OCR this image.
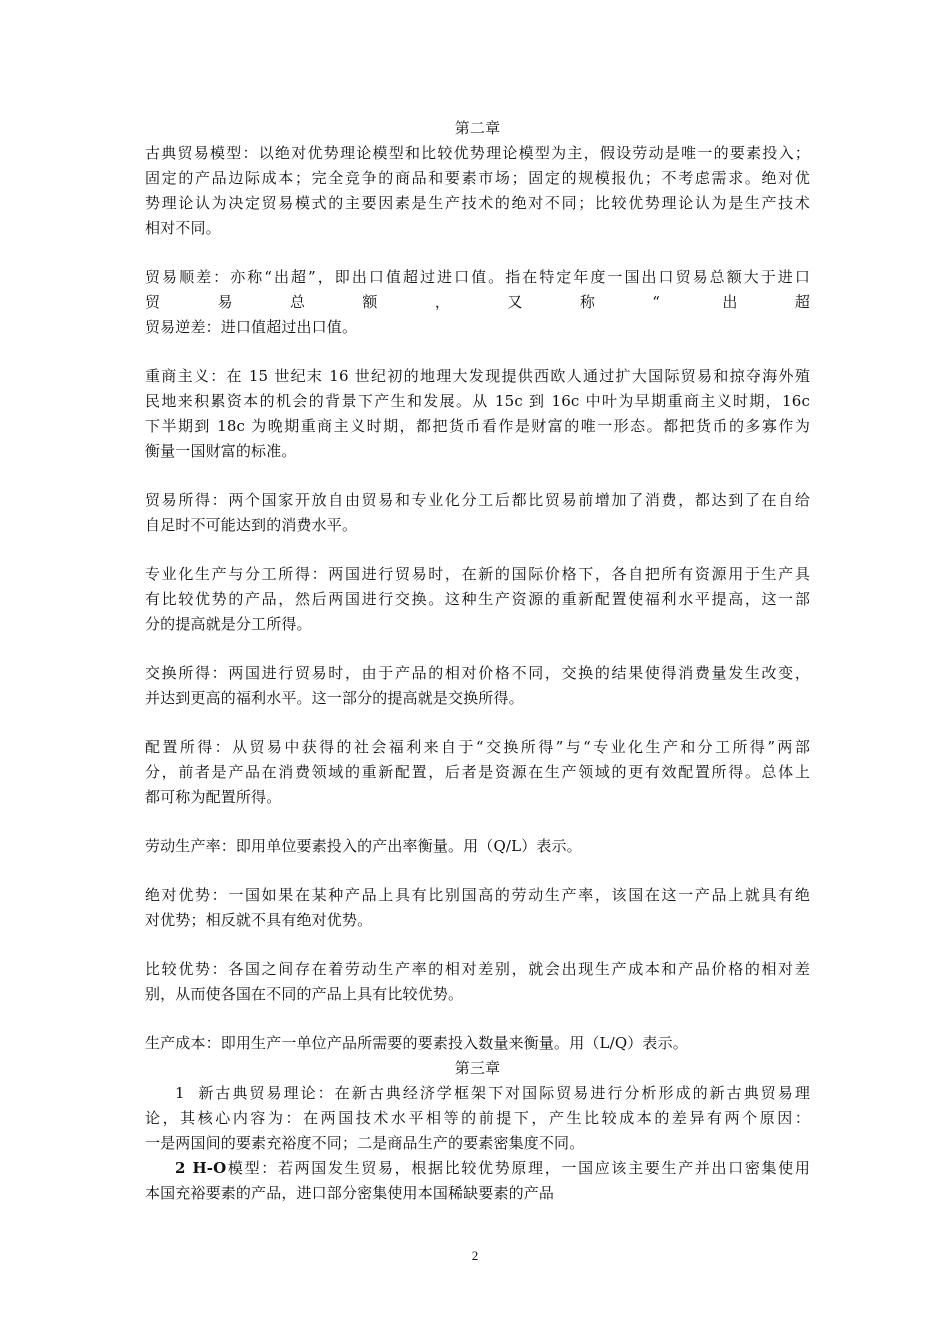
第二章
古典贸易模型：以绝对优势理论模型和比较优势理论模型为主，假设劳动是唯一的要素投入；
固定的产品边际成本；完全竞争的商品和要素市场；固定的规模报仇；不考虑需求。绝对优
势理论认为决定贸易模式的主要因素是生产技术的绝对不同；比较优势理论认为是生产技术
相对不同。
贸易顺差：亦称“出超”，即出口值超过进口值。指在特定年度一国出口贸易总额大于进口
贸易总额，又称“ 出超
贸易逆差：进口值超过出口值。
重商主义：在 15 世纪末 16 世纪初的地理大发现提供西欧人通过扩大国际贸易和掠夺海外殖
民地来积累资本的机会的背景下产生和发展。从 15c 到 16c 中叶为早期重商主义时期，16c
下半期到 18c 为晚期重商主义时期，都把货币看作是财富的唯一形态。都把货币的多寡作为
衡量一国财富的标准。
贸易所得：两个国家开放自由贸易和专业化分工后都比贸易前增加了消费，都达到了在自给
自足时不可能达到的消费水平。
专业化生产与分工所得：两国进行贸易时，在新的国际价格下，各自把所有资源用于生产具
有比较优势的产品，然后两国进行交换。这种生产资源的重新配置使福利水平提高，这一部
分的提高就是分工所得。
交换所得：两国进行贸易时，由于产品的相对价格不同，交换的结果使得消费量发生改变，
并达到更高的福利水平。这一部分的提高就是交换所得。
配置所得：从贸易中获得的社会福利来自于“交换所得”与“专业化生产和分工所得”两部
分，前者是产品在消费领域的重新配置，后者是资源在生产领域的更有效配置所得。总体上
都可称为配置所得。
劳动生产率：即用单位要素投入的产出率衡量。用（Q/L）表示。
绝对优势：一国如果在某种产品上具有比别国高的劳动生产率，该国在这一产品上就具有绝
对优势；相反就不具有绝对优势。
比较优势：各国之间存在着劳动生产率的相对差别，就会出现生产成本和产品价格的相对差
别，从而使各国在不同的产品上具有比较优势。
生产成本：即用生产一单位产品所需要的要素投入数量来衡量。用（L/Q）表示。
第三章
1 新古典贸易理论：在新古典经济学框架下对国际贸易进行分析形成的新古典贸易理
论，其核心内容为：在两国技术水平相等的前提下，产生比较成本的差异有两个原因：
一是两国间的要素充裕度不同；二是商品生产的要素密集度不同。
2 H-O模型：若两国发生贸易，根据比较优势原理，一国应该主要生产并出口密集使用
本国充裕要素的产品，进口部分密集使用本国稀缺要素的产品
2
